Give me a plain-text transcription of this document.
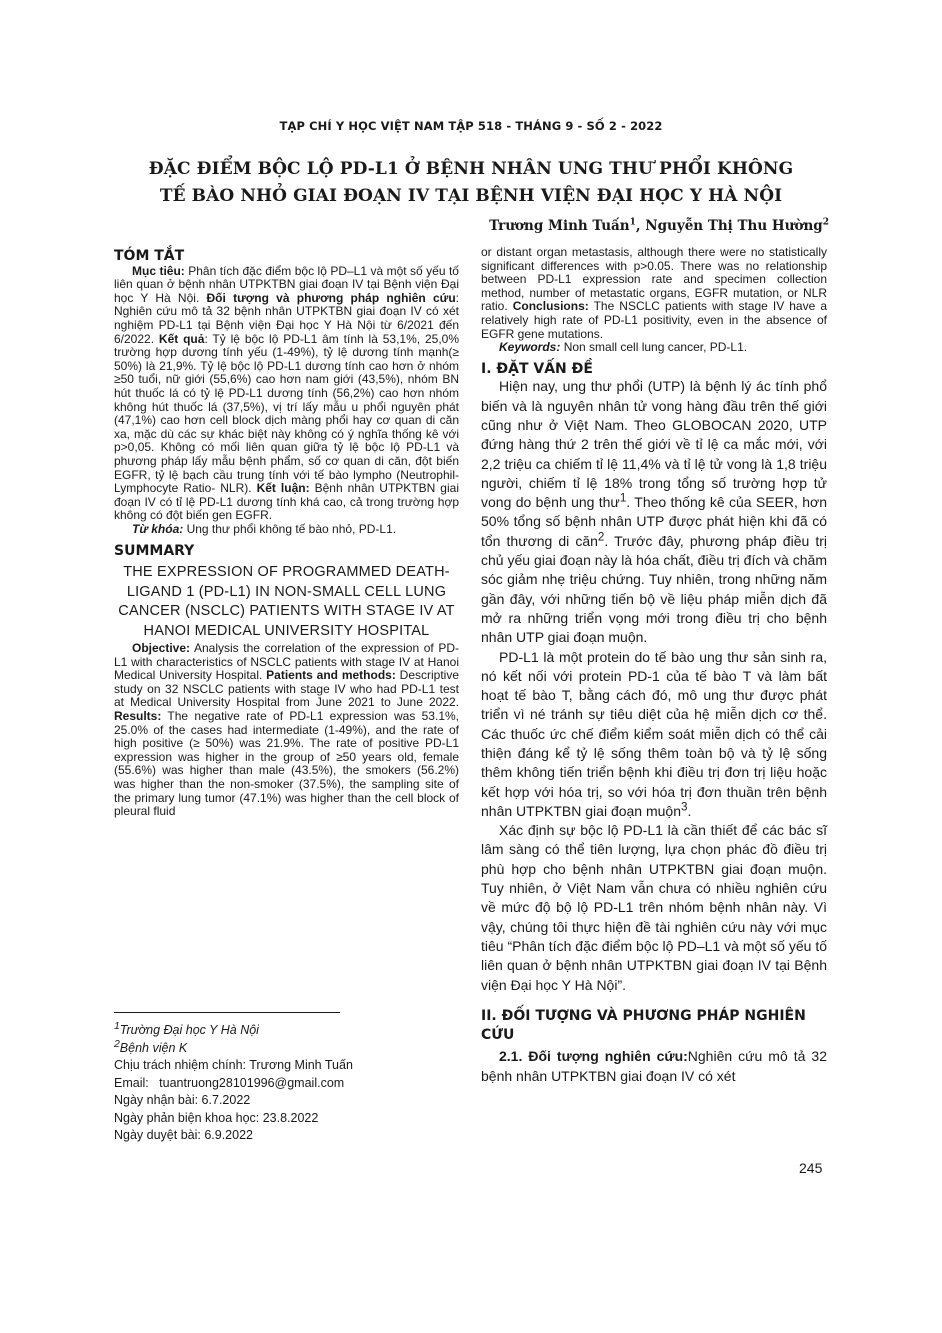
TẠP CHÍ Y HỌC VIỆT NAM TẬP 518 - THÁNG 9 - SỐ 2 - 2022
ĐẶC ĐIỂM BỘC LỘ PD-L1 Ở BỆNH NHÂN UNG THƯ PHỔI KHÔNG
TẾ BÀO NHỎ GIAI ĐOẠN IV TẠI BỆNH VIỆN ĐẠI HỌC Y HÀ NỘI
Trương Minh Tuấn$^1$, Nguyễn Thị Thu Hường$^2$
TÓM TẮT

Mục tiêu: Phân tích đặc điểm bộc lộ PD–L1 và một số yếu tố liên quan ở bệnh nhân UTPKTBN giai đoạn IV tại Bệnh viện Đại học Y Hà Nội. Đối tượng và phương pháp nghiên cứu: Nghiên cứu mô tả 32 bệnh nhân UTPKTBN giai đoạn IV có xét nghiệm PD-L1 tại Bệnh viện Đại học Y Hà Nội từ 6/2021 đến 6/2022. Kết quả: Tỷ lệ bộc lộ PD-L1 âm tính là 53,1%, 25,0% trường hợp dương tính yếu (1-49%), tỷ lệ dương tính mạnh(≥ 50%) là 21,9%. Tỷ lệ bộc lộ PD-L1 dương tính cao hơn ở nhóm ≥50 tuổi, nữ giới (55,6%) cao hơn nam giới (43,5%), nhóm BN hút thuốc lá có tỷ lệ PD-L1 dương tính (56,2%) cao hơn nhóm không hút thuốc lá (37,5%), vị trí lấy mẫu u phổi nguyên phát (47,1%) cao hơn cell block dịch màng phổi hay cơ quan di căn xa, mặc dù các sự khác biệt này không có ý nghĩa thống kê với p>0,05. Không có mối liên quan giữa tỷ lệ bộc lộ PD-L1 và phương pháp lấy mẫu bệnh phẩm, số cơ quan di căn, đột biến EGFR, tỷ lệ bạch cầu trung tính với tế bào lympho (Neutrophil-Lymphocyte Ratio- NLR). Kết luận: Bệnh nhân UTPKTBN giai đoạn IV có tỉ lệ PD-L1 dương tính khá cao, cả trong trường hợp không có đột biến gen EGFR.

Từ khóa: Ung thư phổi không tế bào nhỏ, PD-L1.

SUMMARY
THE EXPRESSION OF PROGRAMMED DEATH-LIGAND 1 (PD-L1) IN NON-SMALL CELL LUNG CANCER (NSCLC) PATIENTS WITH STAGE IV AT HANOI MEDICAL UNIVERSITY HOSPITAL

Objective: Analysis the correlation of the expression of PD-L1 with characteristics of NSCLC patients with stage IV at Hanoi Medical University Hospital. Patients and methods: Descriptive study on 32 NSCLC patients with stage IV who had PD-L1 test at Medical University Hospital from June 2021 to June 2022. Results: The negative rate of PD-L1 expression was 53.1%, 25.0% of the cases had intermediate (1-49%), and the rate of high positive (≥ 50%) was 21.9%. The rate of positive PD-L1 expression was higher in the group of ≥50 years old, female (55.6%) was higher than male (43.5%), the smokers (56.2%) was higher than the non-smoker (37.5%), the sampling site of the primary lung tumor (47.1%) was higher than the cell block of pleural fluid

or distant organ metastasis, although there were no statistically significant differences with p>0.05. There was no relationship between PD-L1 expression rate and specimen collection method, number of metastatic organs, EGFR mutation, or NLR ratio. Conclusions: The NSCLC patients with stage IV have a relatively high rate of PD-L1 positivity, even in the absence of EGFR gene mutations.

Keywords: Non small cell lung cancer, PD-L1.

I. ĐẶT VẤN ĐỀ

Hiện nay, ung thư phổi (UTP) là bệnh lý ác tính phổ biến và là nguyên nhân tử vong hàng đầu trên thế giới cũng như ở Việt Nam. Theo GLOBOCAN 2020, UTP đứng hàng thứ 2 trên thế giới về tỉ lệ ca mắc mới, với 2,2 triệu ca chiếm tỉ lệ 11,4% và tỉ lệ tử vong là 1,8 triệu người, chiếm tỉ lệ 18% trong tổng số trường hợp tử vong do bệnh ung thư$^1$. Theo thống kê của SEER, hơn 50% tổng số bệnh nhân UTP được phát hiện khi đã có tổn thương di căn$^2$. Trước đây, phương pháp điều trị chủ yếu giai đoạn này là hóa chất, điều trị đích và chăm sóc giảm nhẹ triệu chứng. Tuy nhiên, trong những năm gần đây, với những tiến bộ về liệu pháp miễn dịch đã mở ra những triển vọng mới trong điều trị cho bệnh nhân UTP giai đoạn muộn.

PD-L1 là một protein do tế bào ung thư sản sinh ra, nó kết nối với protein PD-1 của tế bào T và làm bất hoạt tế bào T, bằng cách đó, mô ung thư được phát triển vì né tránh sự tiêu diệt của hệ miễn dịch cơ thể. Các thuốc ức chế điểm kiểm soát miễn dịch có thể cải thiện đáng kể tỷ lệ sống thêm toàn bộ và tỷ lệ sống thêm không tiến triển bệnh khi điều trị đơn trị liệu hoặc kết hợp với hóa trị, so với hóa trị đơn thuần trên bệnh nhân UTPKTBN giai đoạn muộn$^3$.

Xác định sự bộc lộ PD-L1 là cần thiết để các bác sĩ lâm sàng có thể tiên lượng, lựa chọn phác đồ điều trị phù hợp cho bệnh nhân UTPKTBN giai đoạn muộn. Tuy nhiên, ở Việt Nam vẫn chưa có nhiều nghiên cứu về mức độ bộ lộ PD-L1 trên nhóm bệnh nhân này. Vì vậy, chúng tôi thực hiện đề tài nghiên cứu này với mục tiêu “Phân tích đặc điểm bộc lộ PD–L1 và một số yếu tố liên quan ở bệnh nhân UTPKTBN giai đoạn IV tại Bệnh viện Đại học Y Hà Nội”.

II. ĐỐI TƯỢNG VÀ PHƯƠNG PHÁP NGHIÊN CỨU

2.1. Đối tượng nghiên cứu:Nghiên cứu mô tả 32 bệnh nhân UTPKTBN giai đoạn IV có xét

$^1$Trường Đại học Y Hà Nội
$^2$Bệnh viện K
Chịu trách nhiệm chính: Trương Minh Tuấn
Email: tuantruong28101996@gmail.com
Ngày nhận bài: 6.7.2022
Ngày phản biện khoa học: 23.8.2022
Ngày duyệt bài: 6.9.2022
245
